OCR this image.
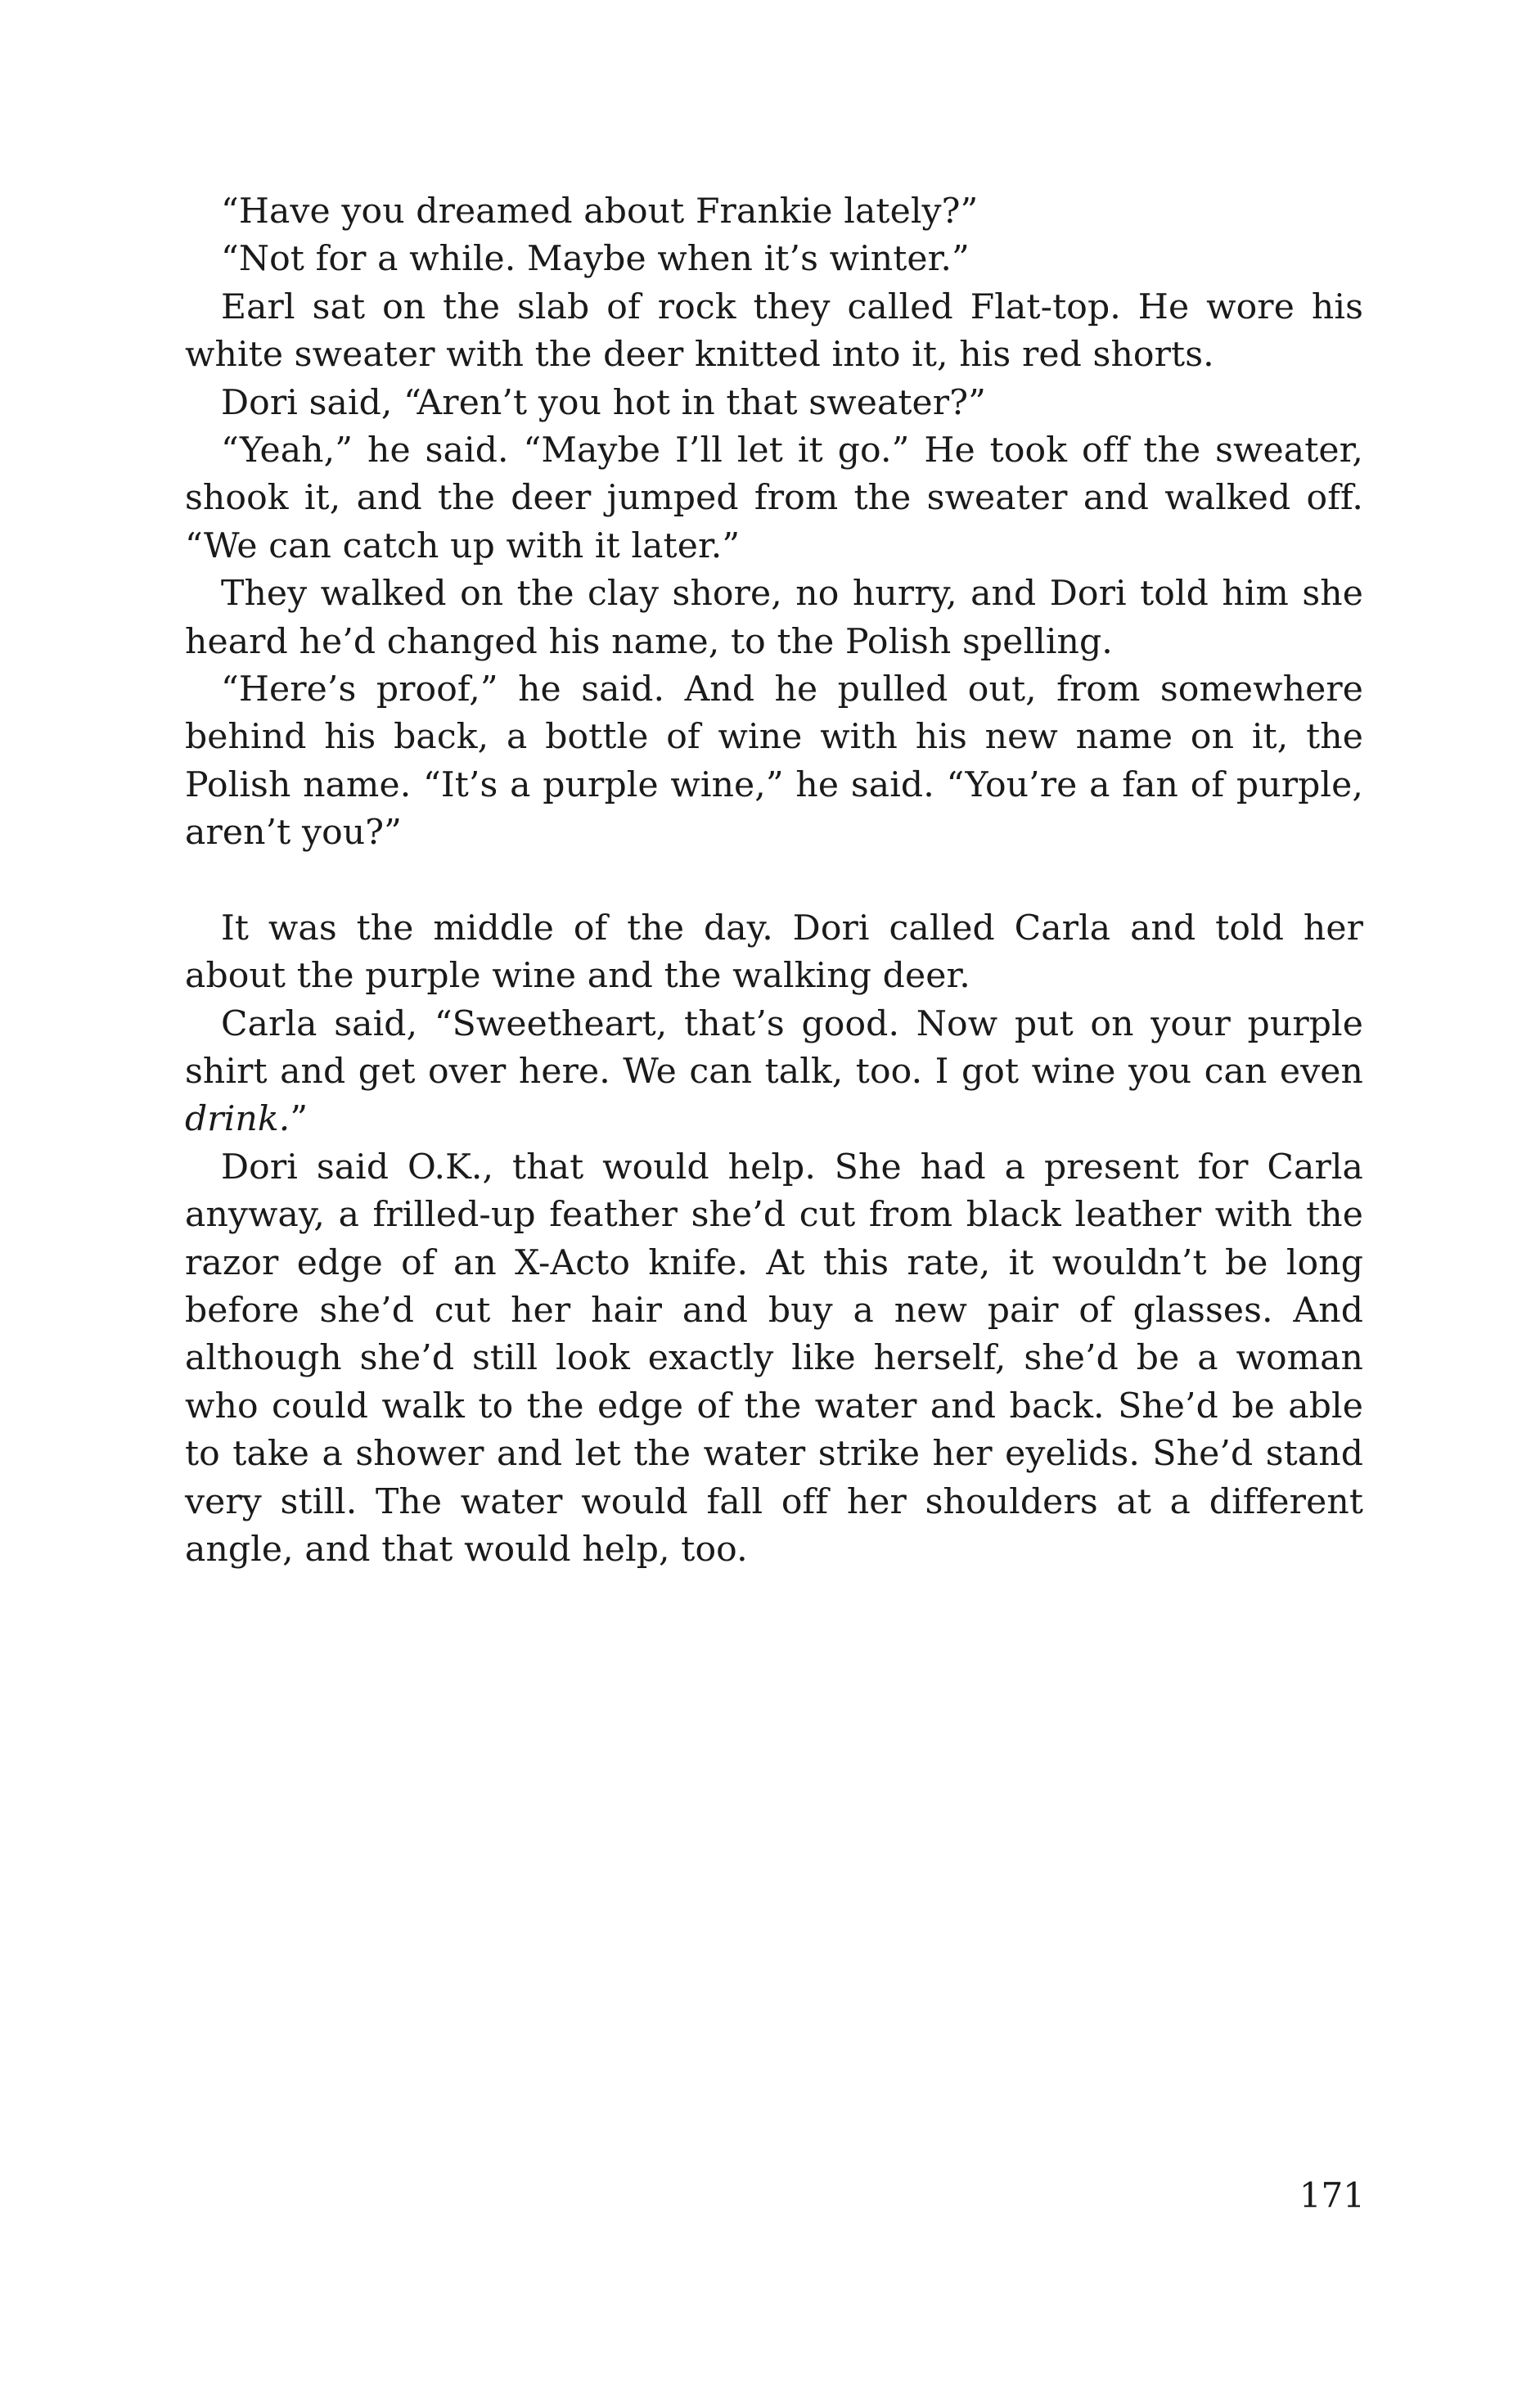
“Have you dreamed about Frankie lately?”

“Not for a while. Maybe when it’s winter.”

Earl sat on the slab of rock they called Flat-top. He wore his white sweater with the deer knitted into it, his red shorts.

Dori said, “Aren’t you hot in that sweater?”

“Yeah,” he said. “Maybe I’ll let it go.” He took off the sweater, shook it, and the deer jumped from the sweater and walked off. “We can catch up with it later.”

They walked on the clay shore, no hurry, and Dori told him she heard he’d changed his name, to the Polish spelling.

“Here’s proof,” he said. And he pulled out, from somewhere behind his back, a bottle of wine with his new name on it, the Polish name. “It’s a purple wine,” he said. “You’re a fan of purple, aren’t you?”

It was the middle of the day. Dori called Carla and told her about the purple wine and the walking deer.

Carla said, “Sweetheart, that’s good. Now put on your purple shirt and get over here. We can talk, too. I got wine you can even drink.”

Dori said O.K., that would help. She had a present for Carla anyway, a frilled-up feather she’d cut from black leather with the razor edge of an X-Acto knife. At this rate, it wouldn’t be long before she’d cut her hair and buy a new pair of glasses. And although she’d still look exactly like herself, she’d be a woman who could walk to the edge of the water and back. She’d be able to take a shower and let the water strike her eyelids. She’d stand very still. The water would fall off her shoulders at a different angle, and that would help, too.

171
